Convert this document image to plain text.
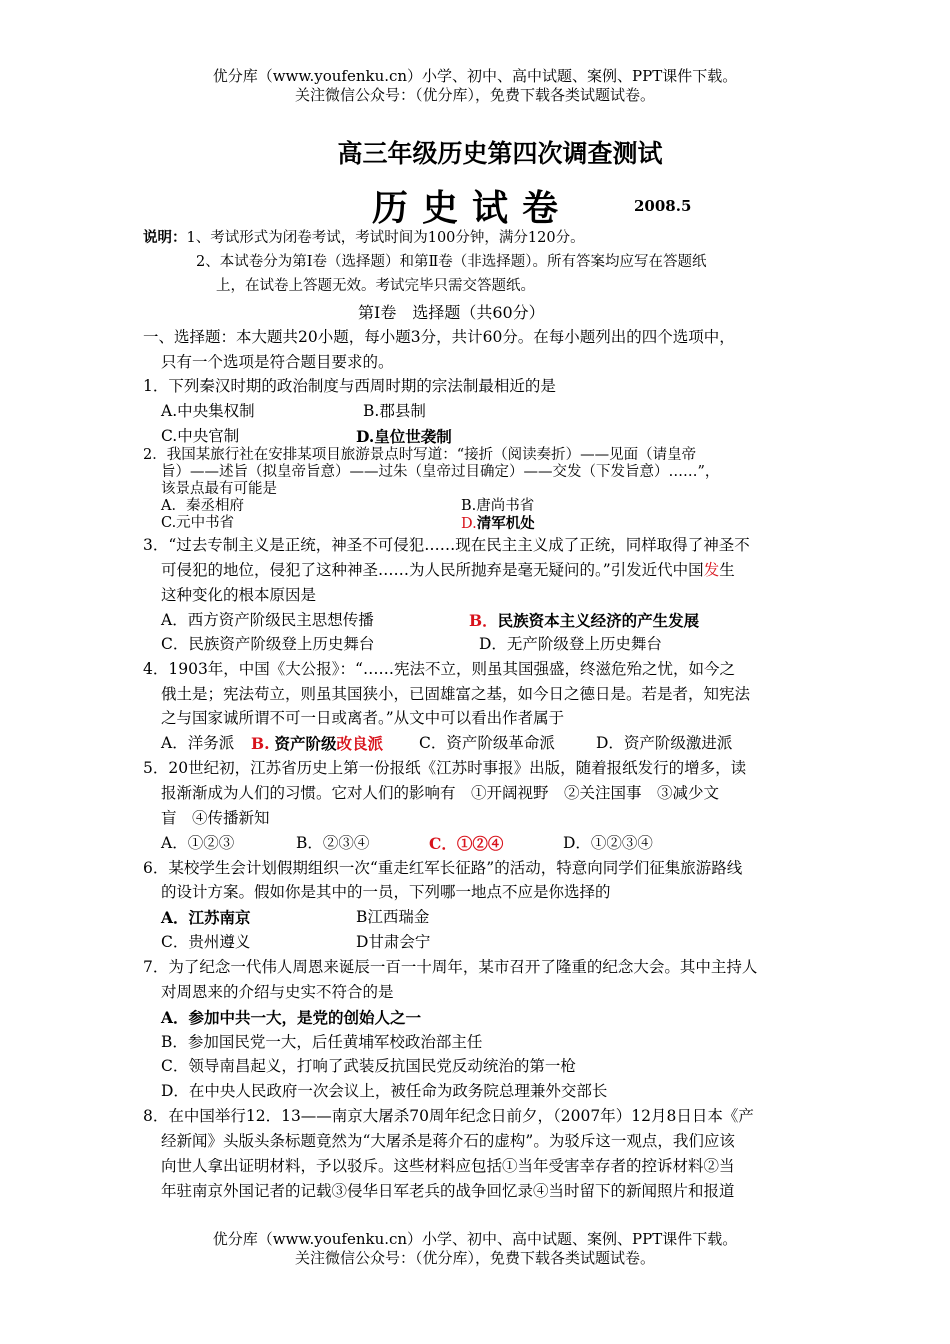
优分库（www.youfenku.cn）小学、初中、高中试题、案例、PPT课件下载。
关注微信公众号：（优分库），免费下载各类试题试卷。
高三年级历史第四次调查测试
历史试卷	2008.5
说明：1、考试形式为闭卷考试，考试时间为100分钟，满分120分。
2、本试卷分为第Ⅰ卷（选择题）和第Ⅱ卷（非选择题）。所有答案均应写在答题纸
上，在试卷上答题无效。考试完毕只需交答题纸。
第Ⅰ卷　选择题（共60分）
一、选择题：本大题共20小题，每小题3分，共计60分。在每小题列出的四个选项中，
只有一个选项是符合题目要求的。
1．下列秦汉时期的政治制度与西周时期的宗法制最相近的是
A.中央集权制	B.郡县制
C.中央官制	D.皇位世袭制
2．我国某旅行社在安排某项目旅游景点时写道：“接折（阅读奏折）——见面（请皇帝
旨）——述旨（拟皇帝旨意）——过朱（皇帝过目确定）——交发（下发旨意）……”，
该景点最有可能是
A．秦丞相府	B.唐尚书省
C.元中书省	D.清军机处
3．“过去专制主义是正统，神圣不可侵犯……现在民主主义成了正统，同样取得了神圣不
可侵犯的地位，侵犯了这种神圣……为人民所抛弃是毫无疑问的。”引发近代中国发生
这种变化的根本原因是
A．西方资产阶级民主思想传播	B．民族资本主义经济的产生发展
C．民族资产阶级登上历史舞台	D．无产阶级登上历史舞台
4．1903年，中国《大公报》：“……宪法不立，则虽其国强盛，终滋危殆之忧，如今之
俄土是；宪法苟立，则虽其国狭小，已固雄富之基，如今日之德日是。若是者，知宪法
之与国家诚所谓不可一日或离者。”从文中可以看出作者属于
A．洋务派 B. 资产阶级改良派 C．资产阶级革命派	D．资产阶级激进派
5．20世纪初，江苏省历史上第一份报纸《江苏时事报》出版，随着报纸发行的增多，读
报渐渐成为人们的习惯。它对人们的影响有　①开阔视野　②关注国事　③减少文
盲　④传播新知
A．①②③	B．②③④	C．①②④	D．①②③④
6．某校学生会计划假期组织一次“重走红军长征路”的活动，特意向同学们征集旅游路线
的设计方案。假如你是其中的一员，下列哪一地点不应是你选择的
A．江苏南京	B江西瑞金
C．贵州遵义	D甘肃会宁
7．为了纪念一代伟人周恩来诞辰一百一十周年，某市召开了隆重的纪念大会。其中主持人
对周恩来的介绍与史实不符合的是
A．参加中共一大，是党的创始人之一
B．参加国民党一大，后任黄埔军校政治部主任
C．领导南昌起义，打响了武装反抗国民党反动统治的第一枪
D．在中央人民政府一次会议上，被任命为政务院总理兼外交部长
8．在中国举行12．13——南京大屠杀70周年纪念日前夕，（2007年）12月8日日本《产
经新闻》头版头条标题竟然为“大屠杀是蒋介石的虚构”。为驳斥这一观点，我们应该
向世人拿出证明材料，予以驳斥。这些材料应包括①当年受害幸存者的控诉材料②当
年驻南京外国记者的记载③侵华日军老兵的战争回忆录④当时留下的新闻照片和报道
优分库（www.youfenku.cn）小学、初中、高中试题、案例、PPT课件下载。
关注微信公众号：（优分库），免费下载各类试题试卷。
